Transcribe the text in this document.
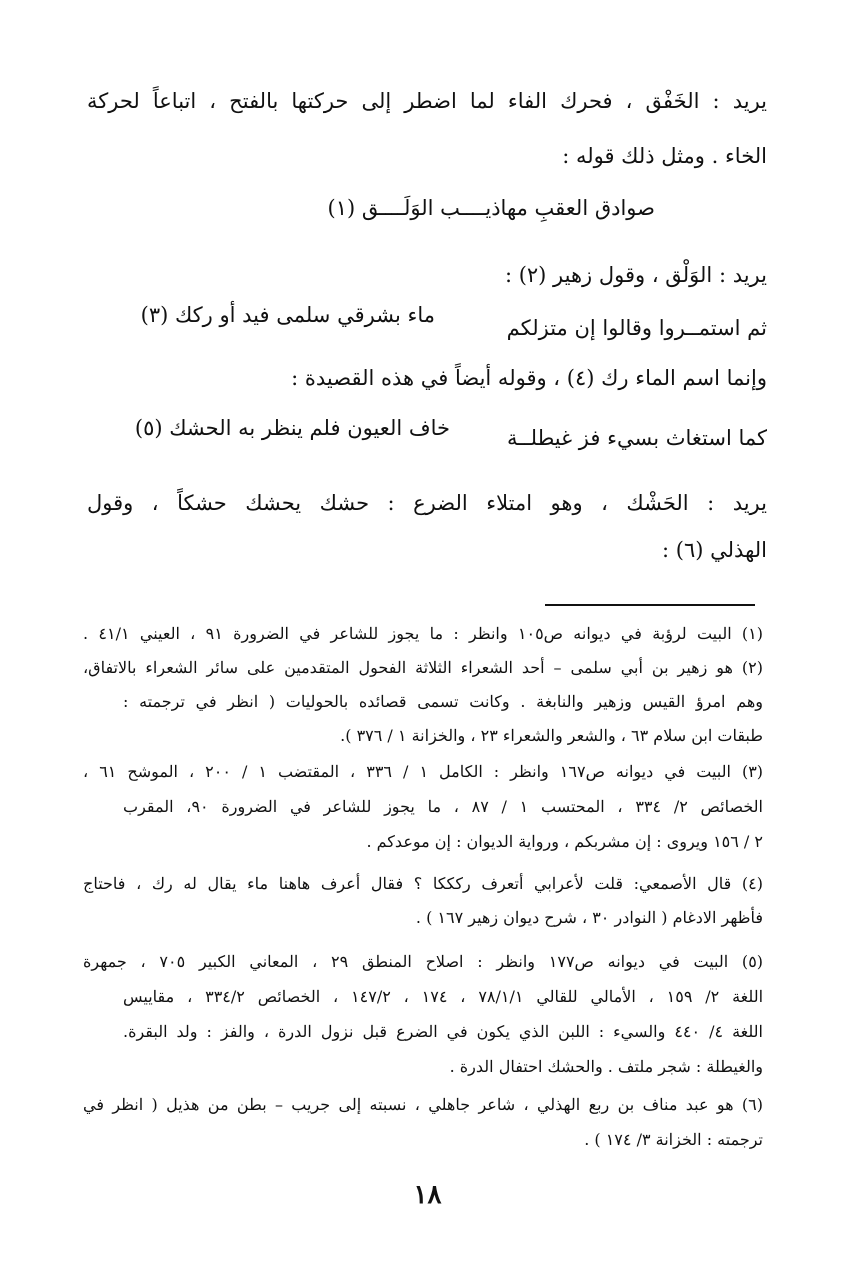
يريد : الخَفْق ، فحرك الفاء لما اضطر إلى حركتها بالفتح ، اتباعاً لحركة
الخاء . ومثل ذلك قوله :
صوادق العقبِ مهاذيــــب الوَلَــــق (١)
يريد : الوَلْق ، وقول زهير (٢) :
ثم استمــروا وقالوا إن متزلكم
ماء بشرقي سلمى فيد أو ركك (٣)
وإنما اسم الماء رك (٤) ، وقوله أيضاً في هذه القصيدة :
كما استغاث بسيء فز غيطلــة
خاف العيون فلم ينظر به الحشك (٥)
يريد : الحَشْك ، وهو امتلاء الضرع : حشك يحشك حشكاً ، وقول
الهذلي (٦) :
(١) البيت لرؤبة في ديوانه ص١٠٥ وانظر : ما يجوز للشاعر في الضرورة ٩١ ، العيني ٤١/١ .
(٢) هو زهير بن أبي سلمى – أحد الشعراء الثلاثة الفحول المتقدمين على سائر الشعراء بالاتفاق،
وهم امرؤ القيس وزهير والنابغة . وكانت تسمى قصائده بالحوليات ( انظر في ترجمته :
طبقات ابن سلام ٦٣ ، والشعر والشعراء ٢٣ ، والخزانة ١ / ٣٧٦ ).
(٣) البيت في ديوانه ص١٦٧ وانظر : الكامل ١ / ٣٣٦ ، المقتضب ١ / ٢٠٠ ، الموشح ٦١ ،
الخصائص ٢/ ٣٣٤ ، المحتسب ١ / ٨٧ ، ما يجوز للشاعر في الضرورة ٩٠، المقرب
٢ / ١٥٦ ويروى : إن مشربكم ، ورواية الديوان : إن موعدكم .
(٤) قال الأصمعي: قلت لأعرابي أتعرف ركككا ؟ فقال أعرف هاهنا ماء يقال له رك ، فاحتاج
فأظهر الادغام ( النوادر ٣٠ ، شرح ديوان زهير ١٦٧ ) .
(٥) البيت في ديوانه ص١٧٧ وانظر : اصلاح المنطق ٢٩ ، المعاني الكبير ٧٠٥ ، جمهرة
اللغة ٢/ ١٥٩ ، الأمالي للقالي ٧٨/١/١ ، ١٧٤ ، ١٤٧/٢ ، الخصائص ٣٣٤/٢ ، مقاييس
اللغة ٤/ ٤٤٠ والسيء : اللبن الذي يكون في الضرع قبل نزول الدرة ، والفز : ولد البقرة.
والغيطلة : شجر ملتف . والحشك احتفال الدرة .
(٦) هو عبد مناف بن ربع الهذلي ، شاعر جاهلي ، نسبته إلى جريب – بطن من هذيل ( انظر في
ترجمته : الخزانة ٣/ ١٧٤ ) .
١٨
